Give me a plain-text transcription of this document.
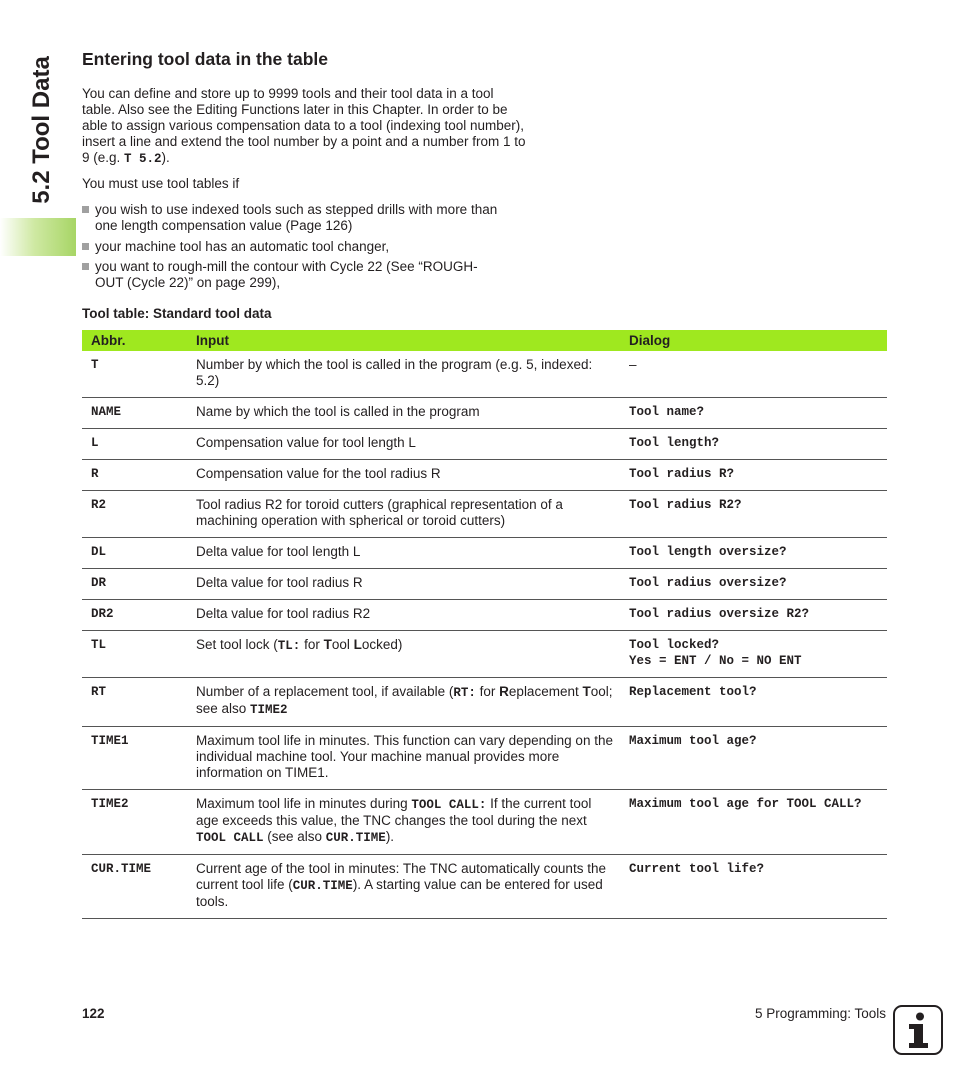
5.2 Tool Data Entering tool data in the table

You can define and store up to 9999 tools and their tool data in a tool table. Also see the Editing Functions later in this Chapter. In order to be able to assign various compensation data to a tool (indexing tool number), insert a line and extend the tool number by a point and a number from 1 to 9 (e.g. T 5.2).

You must use tool tables if

you wish to use indexed tools such as stepped drills with more than
one length compensation value (Page 126)
your machine tool has an automatic tool changer,
you want to rough-mill the contour with Cycle 22 (See “ROUGH-
OUT (Cycle 22)” on page 299),

Tool table: Standard tool data

Abbr.	Input	Dialog
T	Number by which the tool is called in the program (e.g. 5, indexed: 5.2)	–
NAME	Name by which the tool is called in the program	Tool name?
L	Compensation value for tool length L	Tool length?
R	Compensation value for the tool radius R	Tool radius R?
R2	Tool radius R2 for toroid cutters (graphical representation of a machining operation with spherical or toroid cutters)	Tool radius R2?
DL	Delta value for tool length L	Tool length oversize?
DR	Delta value for tool radius R	Tool radius oversize?
DR2	Delta value for tool radius R2	Tool radius oversize R2?
TL	Set tool lock (TL: for Tool Locked)	Tool locked?
Yes = ENT / No = NO ENT

RT	Number of a replacement tool, if available (RT: for Replacement Tool; see also TIME2	Replacement tool?
TIME1	Maximum tool life in minutes. This function can vary depending on the individual machine tool. Your machine manual provides more information on TIME1.	Maximum tool age?
TIME2	Maximum tool life in minutes during TOOL CALL: If the current tool age exceeds this value, the TNC changes the tool during the next TOOL CALL (see also CUR.TIME).	Maximum tool age for TOOL CALL?
CUR.TIME	Current age of the tool in minutes: The TNC automatically counts the current tool life (CUR.TIME). A starting value can be entered for used tools.	Current tool life?
122	5 Programming: Tools
